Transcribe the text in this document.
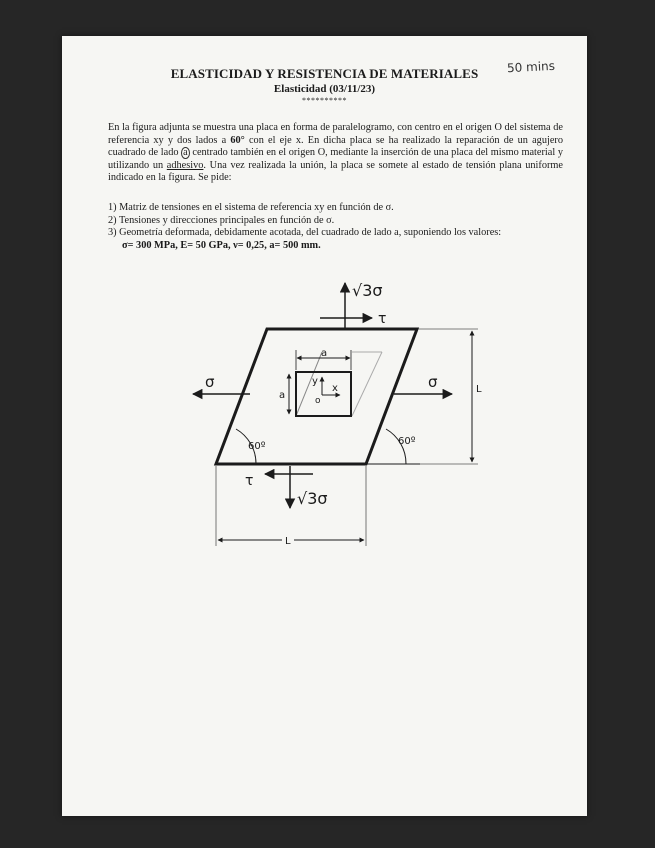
ELASTICIDAD Y RESISTENCIA DE MATERIALES
Elasticidad (03/11/23)
**********
50 mins
En la figura adjunta se muestra una placa en forma de paralelogramo, con centro en el origen O del sistema de referencia xy y dos lados a 60° con el eje x. En dicha placa se ha realizado la reparación de un agujero cuadrado de lado a centrado también en el origen O, mediante la inserción de una placa del mismo material y utilizando un adhesivo. Una vez realizada la unión, la placa se somete al estado de tensión plana uniforme indicado en la figura. Se pide:

1) Matriz de tensiones en el sistema de referencia xy en función de σ.

2) Tensiones y direcciones principales en función de σ.

3) Geometría deformada, debidamente acotada, del cuadrado de lado a, suponiendo los valores:

σ= 300 MPa, E= 50 GPa, ν= 0,25, a= 500 mm.

a
a
y
x
o
√3σ
τ
τ
√3σ
σ	σ
60º	60º
L
L
